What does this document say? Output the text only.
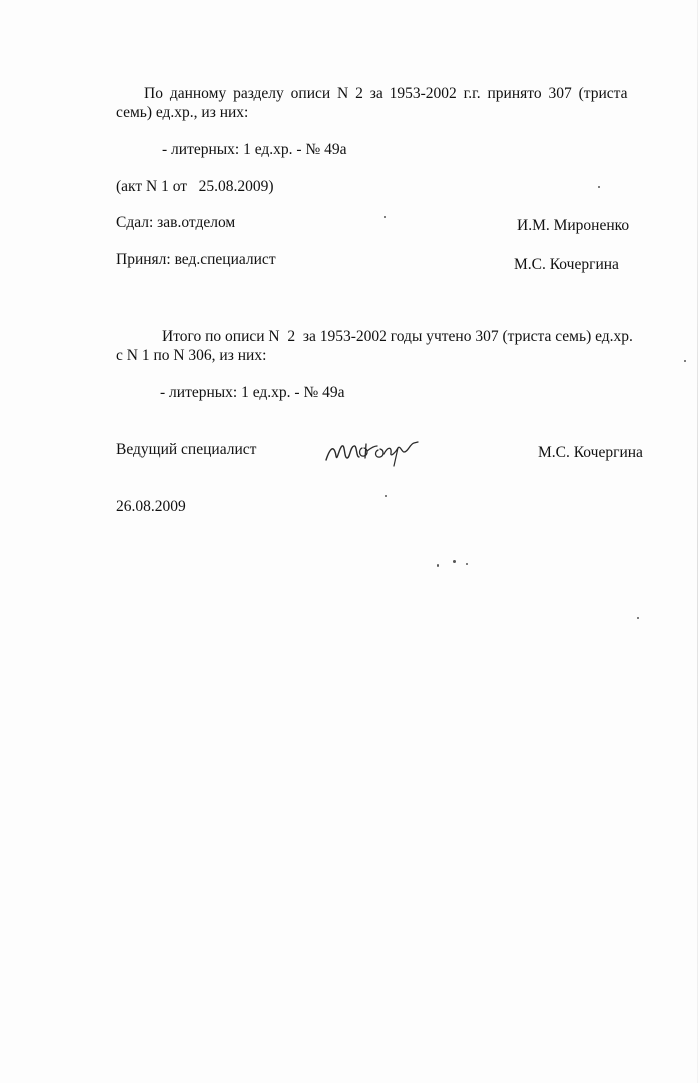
По данному разделу описи N 2 за 1953-2002 г.г. принято 307 (триста
семь) ед.хр., из них:
- литерных: 1 ед.хр. - № 49а
(акт N 1 от   25.08.2009)
Сдал: зав.отделом	И.М. Мироненко
Принял: вед.специалист	М.С. Кочергина
Итого по описи N  2  за 1953-2002 годы учтено 307 (триста семь) ед.хр.
с N 1 по N 306, из них:
- литерных: 1 ед.хр. - № 49а
Ведущий специалист	М.С. Кочергина
26.08.2009
